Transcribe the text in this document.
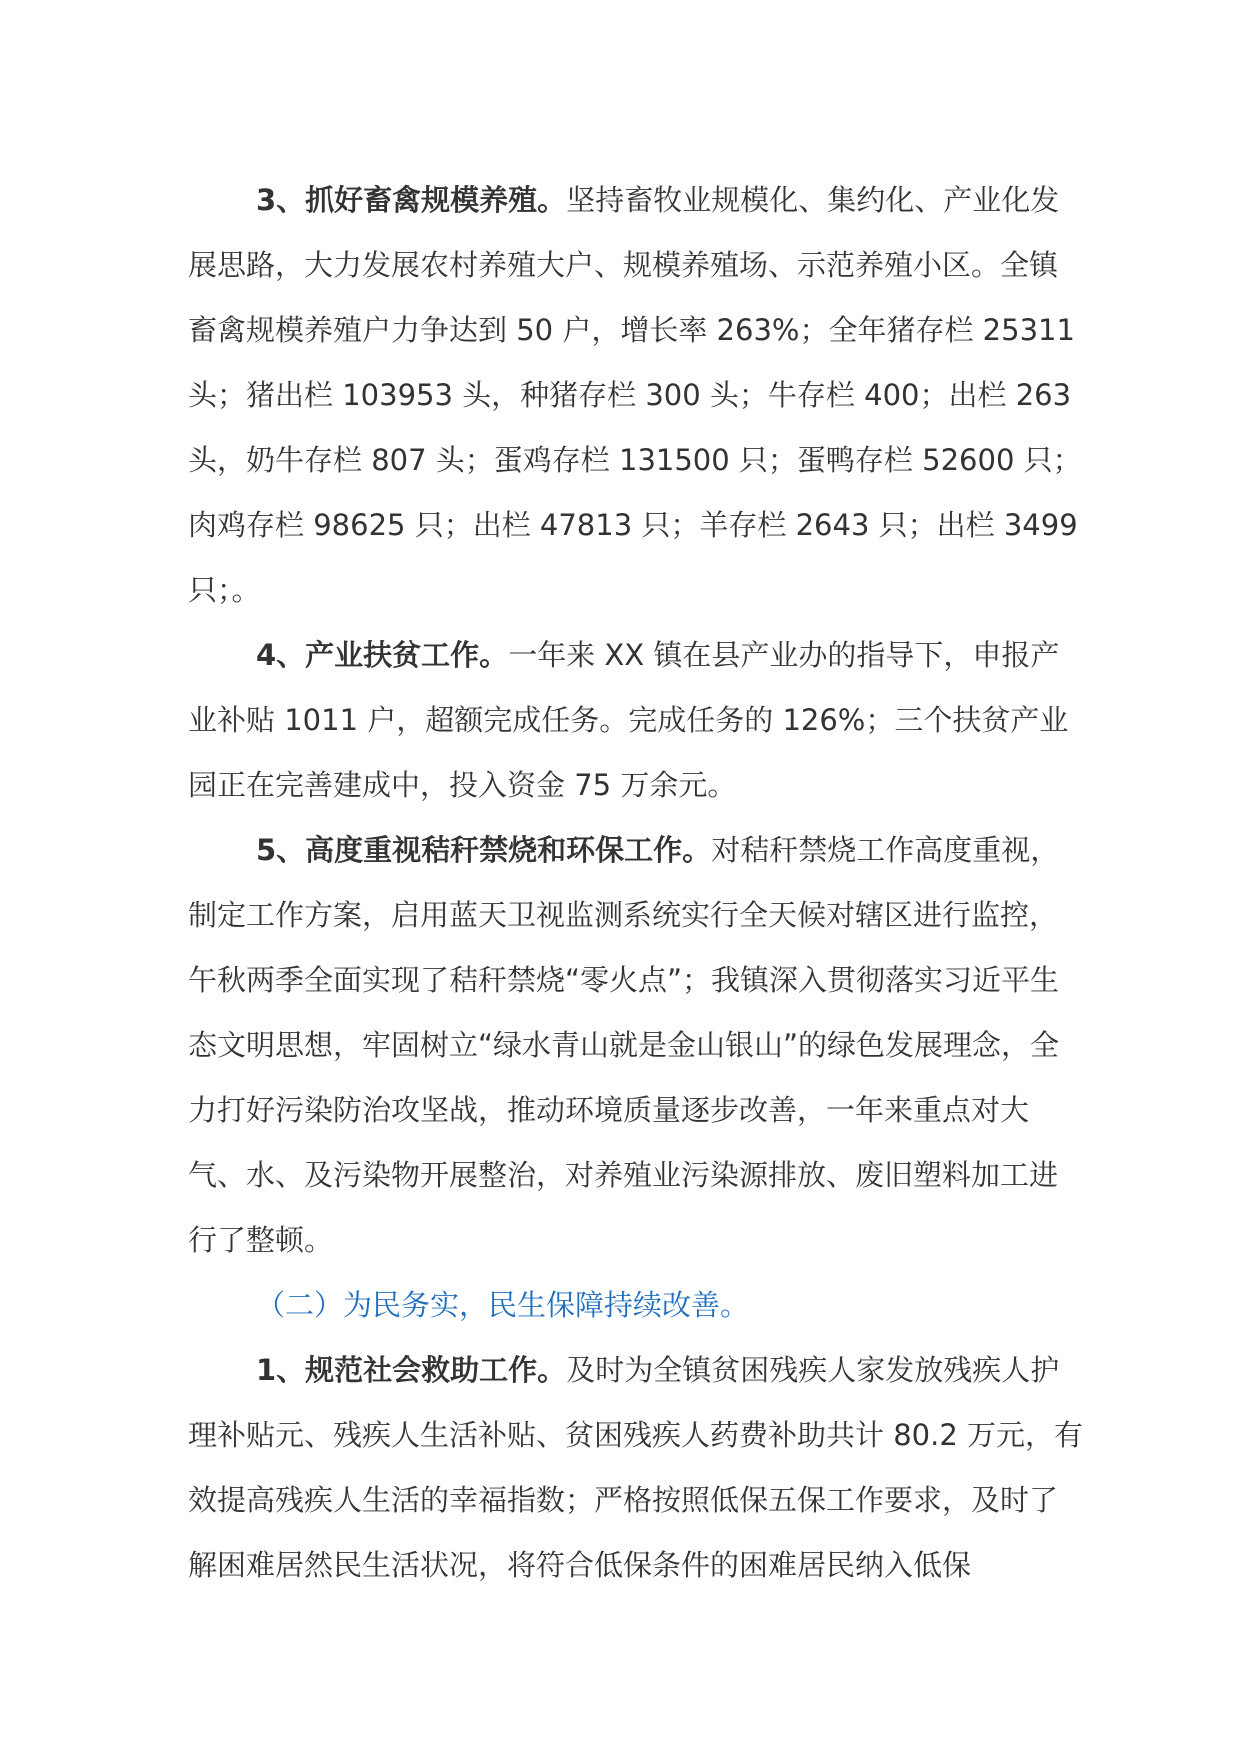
3、抓好畜禽规模养殖。坚持畜牧业规模化、集约化、产业化发展思路，大力发展农村养殖大户、规模养殖场、示范养殖小区。全镇畜禽规模养殖户力争达到 50 户，增长率 263%；全年猪存栏 25311 头；猪出栏 103953 头，种猪存栏 300 头；牛存栏 400；出栏 263 头，奶牛存栏 807 头；蛋鸡存栏 131500 只；蛋鸭存栏 52600 只；肉鸡存栏 98625 只；出栏 47813 只；羊存栏 2643 只；出栏 3499 只；。

4、产业扶贫工作。一年来 XX 镇在县产业办的指导下，申报产业补贴 1011 户，超额完成任务。完成任务的 126%；三个扶贫产业园正在完善建成中，投入资金 75 万余元。

5、高度重视秸秆禁烧和环保工作。对秸秆禁烧工作高度重视，制定工作方案，启用蓝天卫视监测系统实行全天候对辖区进行监控，午秋两季全面实现了秸秆禁烧“零火点”；我镇深入贯彻落实习近平生态文明思想，牢固树立“绿水青山就是金山银山”的绿色发展理念，全力打好污染防治攻坚战，推动环境质量逐步改善，一年来重点对大气、水、及污染物开展整治，对养殖业污染源排放、废旧塑料加工进行了整顿。

（二）为民务实，民生保障持续改善。

1、规范社会救助工作。及时为全镇贫困残疾人家发放残疾人护理补贴元、残疾人生活补贴、贫困残疾人药费补助共计 80.2 万元，有效提高残疾人生活的幸福指数；严格按照低保五保工作要求，及时了解困难居然民生活状况，将符合低保条件的困难居民纳入低保
